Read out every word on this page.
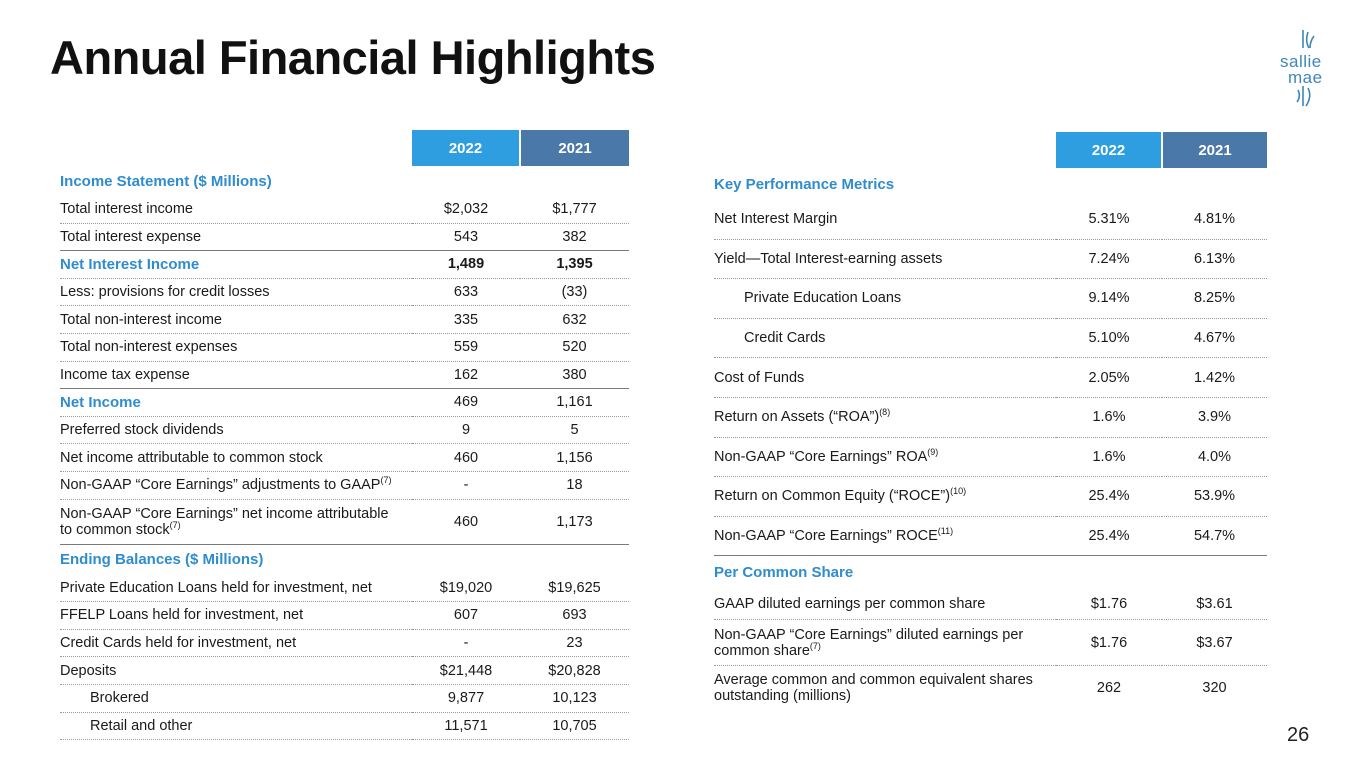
Annual Financial Highlights	sallie
mae
	2022	2021
Income Statement ($ Millions)		
Total interest income	$2,032	$1,777
Total interest expense	543	382
Net Interest Income	1,489	1,395
Less: provisions for credit losses	633	(33)
Total non-interest income	335	632
Total non-interest expenses	559	520
Income tax expense	162	380
Net Income	469	1,161
Preferred stock dividends	9	5
Net income attributable to common stock	460	1,156
Non-GAAP “Core Earnings” adjustments to GAAP$^{(7)}$	-	18
Non-GAAP “Core Earnings” net income attributable to common stock$^{(7)}$	460	1,173
Ending Balances ($ Millions)		
Private Education Loans held for investment, net	$19,020	$19,625
FFELP Loans held for investment, net	607	693
Credit Cards held for investment, net	-	23
Deposits	$21,448	$20,828
Brokered	9,877	10,123
Retail and other	11,571	10,705
	2022	2021
Key Performance Metrics		
Net Interest Margin	5.31%	4.81%
Yield—Total Interest-earning assets	7.24%	6.13%
Private Education Loans	9.14%	8.25%
Credit Cards	5.10%	4.67%
Cost of Funds	2.05%	1.42%
Return on Assets (“ROA”)$^{(8)}$	1.6%	3.9%
Non-GAAP “Core Earnings” ROA$^{(9)}$	1.6%	4.0%
Return on Common Equity (“ROCE”)$^{(10)}$	25.4%	53.9%
Non-GAAP “Core Earnings” ROCE$^{(11)}$	25.4%	54.7%
Per Common Share		
GAAP diluted earnings per common share	$1.76	$3.61
Non-GAAP “Core Earnings” diluted earnings per common share$^{(7)}$	$1.76	$3.67
Average common and common equivalent shares outstanding (millions)	262	320
26
